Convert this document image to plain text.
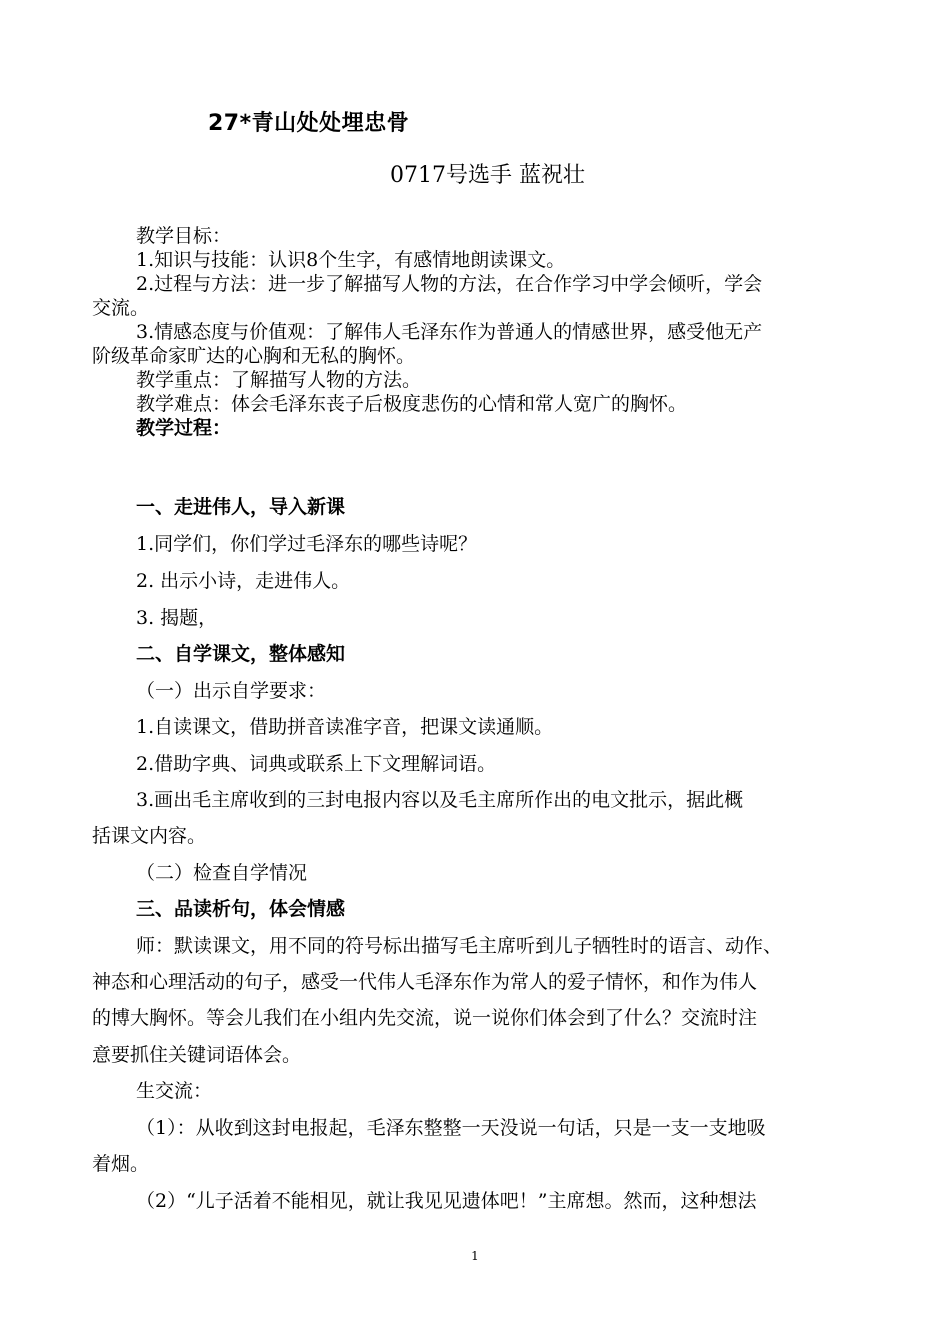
27*青山处处埋忠骨
0717号选手 蓝祝壮
教学目标：
1.知识与技能：认识8个生字，有感情地朗读课文。
2.过程与方法：进一步了解描写人物的方法，在合作学习中学会倾听，学会
交流。
3.情感态度与价值观：了解伟人毛泽东作为普通人的情感世界，感受他无产
阶级革命家旷达的心胸和无私的胸怀。
教学重点：了解描写人物的方法。
教学难点：体会毛泽东丧子后极度悲伤的心情和常人宽广的胸怀。
教学过程：
一、走进伟人，导入新课
1.同学们，你们学过毛泽东的哪些诗呢？
2. 出示小诗，走进伟人。
3. 揭题，
二、自学课文，整体感知
（一）出示自学要求：
1.自读课文，借助拼音读准字音，把课文读通顺。
2.借助字典、词典或联系上下文理解词语。
3.画出毛主席收到的三封电报内容以及毛主席所作出的电文批示，据此概
括课文内容。
（二）检查自学情况
三、品读析句，体会情感
师：默读课文，用不同的符号标出描写毛主席听到儿子牺牲时的语言、动作、
神态和心理活动的句子，感受一代伟人毛泽东作为常人的爱子情怀，和作为伟人
的博大胸怀。等会儿我们在小组内先交流，说一说你们体会到了什么？交流时注
意要抓住关键词语体会。
生交流：
（1）：从收到这封电报起，毛泽东整整一天没说一句话，只是一支一支地吸
着烟。
（2）“儿子活着不能相见，就让我见见遗体吧！”主席想。然而，这种想法
1
